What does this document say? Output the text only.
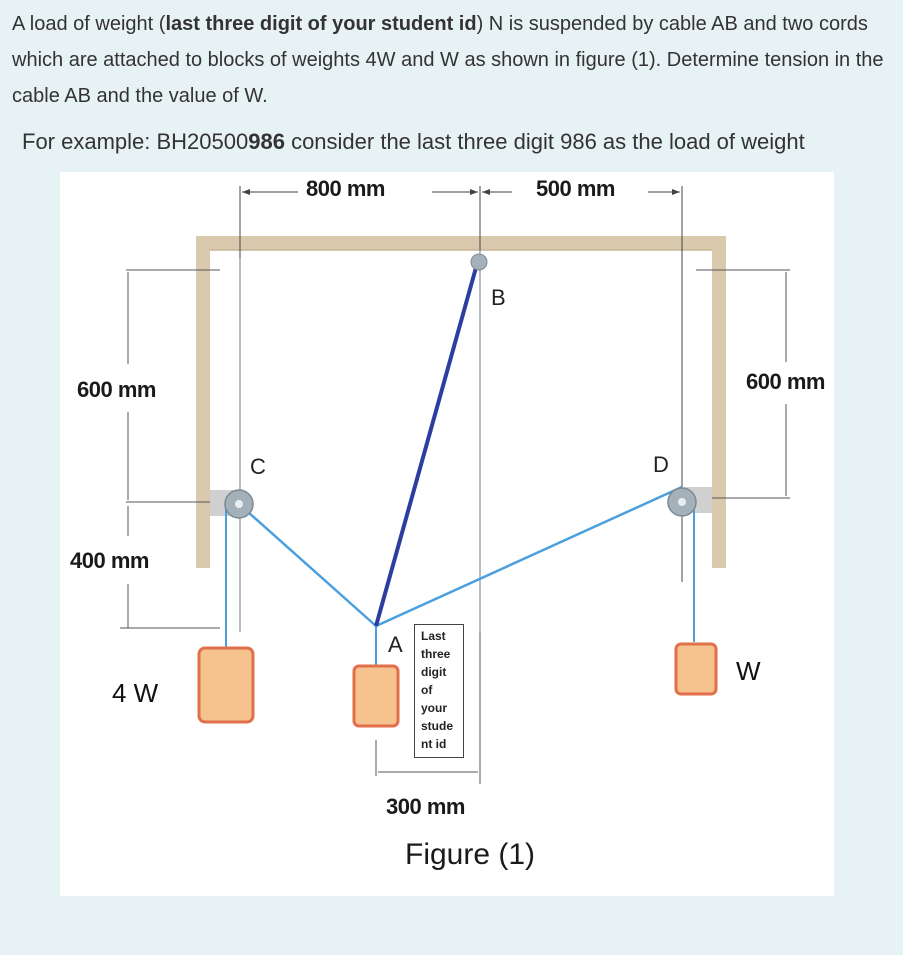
A load of weight (last three digit of your student id) N is suspended by cable AB and two cords which are attached to blocks of weights 4W and W as shown in figure (1). Determine tension in the cable AB and the value of W.
For example: BH20500986 consider the last three digit 986 as the load of weight
800 mm	500 mm
600 mm
400 mm
600 mm
300 mm
B
C	D
A
4 W
W
Last
three
digit
of
your
stude
nt id
Figure (1)
